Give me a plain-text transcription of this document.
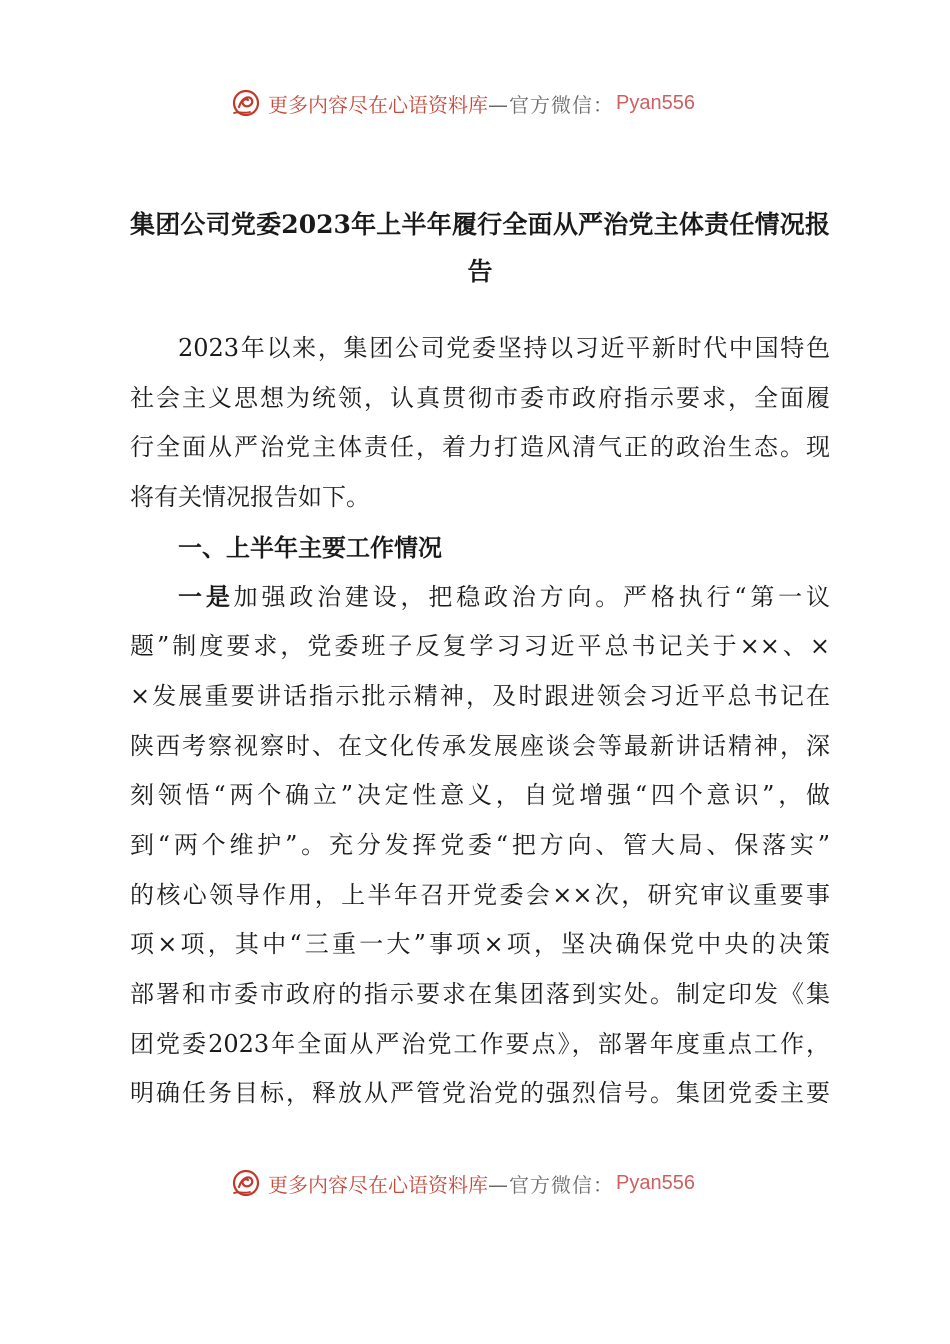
更多内容尽在心语资料库 —官方微信： Pyan556
集团公司党委2023年上半年履行全面从严治党主体责任情况报
告
2023年以来，集团公司党委坚持以习近平新时代中国特色
社会主义思想为统领，认真贯彻市委市政府指示要求，全面履
行全面从严治党主体责任，着力打造风清气正的政治生态。现
将有关情况报告如下。
一、上半年主要工作情况
一是加强政治建设，把稳政治方向。严格执行“第一议
题”制度要求，党委班子反复学习习近平总书记关于××、×
×发展重要讲话指示批示精神，及时跟进领会习近平总书记在
陕西考察视察时、在文化传承发展座谈会等最新讲话精神，深
刻领悟“两个确立”决定性意义，自觉增强“四个意识”，做
到“两个维护”。充分发挥党委“把方向、管大局、保落实”
的核心领导作用，上半年召开党委会××次，研究审议重要事
项×项，其中“三重一大”事项×项，坚决确保党中央的决策
部署和市委市政府的指示要求在集团落到实处。制定印发《集
团党委2023年全面从严治党工作要点》，部署年度重点工作，
明确任务目标，释放从严管党治党的强烈信号。集团党委主要
更多内容尽在心语资料库 —官方微信： Pyan556
